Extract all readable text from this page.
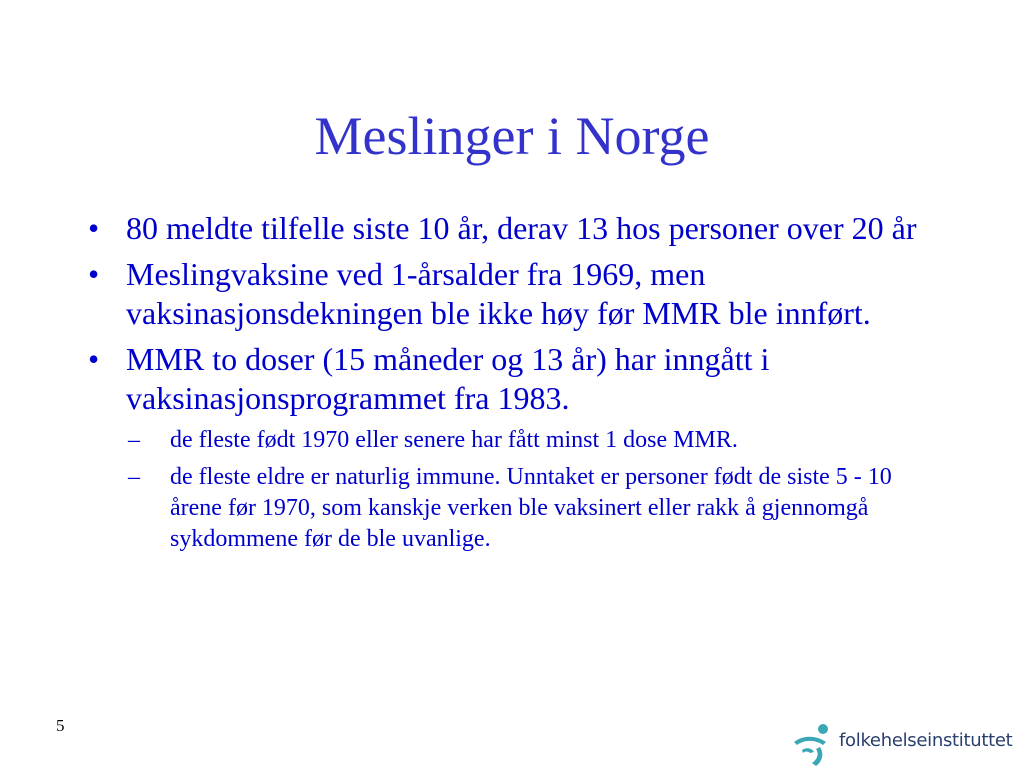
Meslinger i Norge
• 80 meldte tilfelle siste 10 år, derav 13 hos personer over 20 år
• Meslingvaksine ved 1-årsalder fra 1969, men vaksinasjonsdekningen ble ikke høy før MMR ble innført.
• MMR to doser (15 måneder og 13 år) har inngått i vaksinasjonsprogrammet fra 1983.
– de fleste født 1970 eller senere har fått minst 1 dose MMR.
– de fleste eldre er naturlig immune. Unntaket er personer født de siste 5 - 10 årene før 1970, som kanskje verken ble vaksinert eller rakk å gjennomgå sykdommene før de ble uvanlige.
5
folkehelseinstituttet
